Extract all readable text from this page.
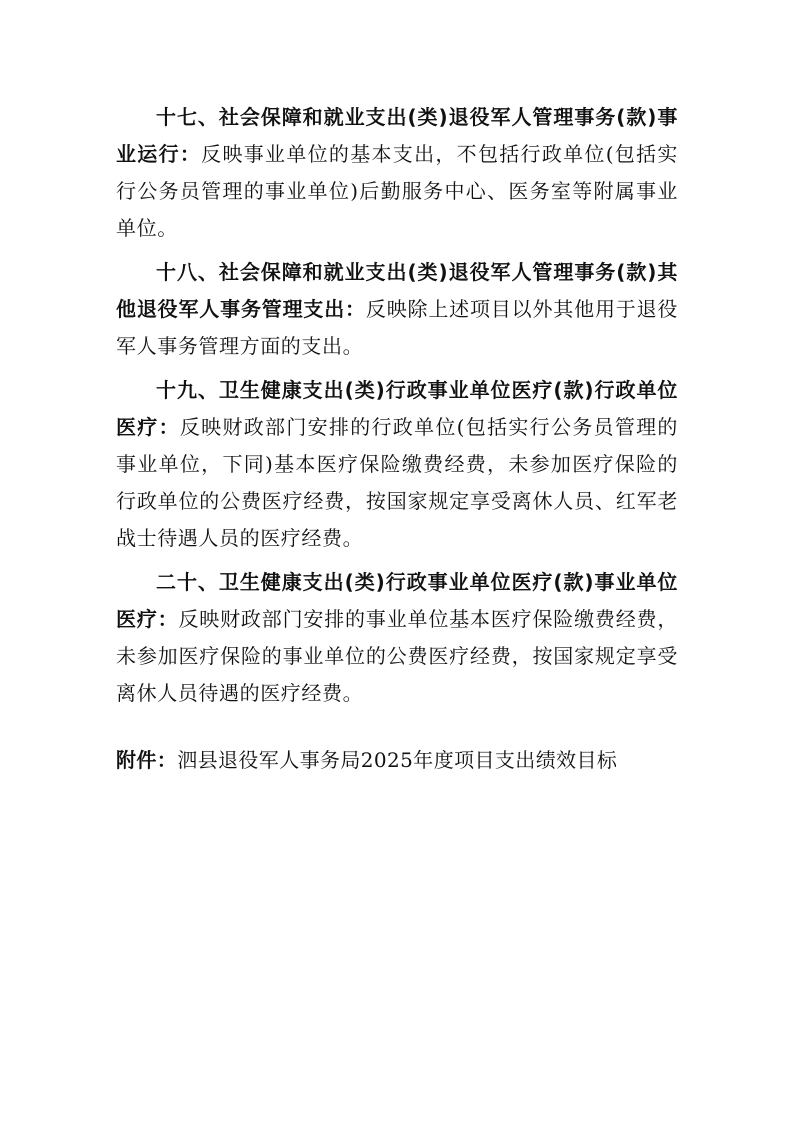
十七、社会保障和就业支出(类)退役军人管理事务(款)事业运行：反映事业单位的基本支出，不包括行政单位(包括实行公务员管理的事业单位)后勤服务中心、医务室等附属事业单位。

十八、社会保障和就业支出(类)退役军人管理事务(款)其他退役军人事务管理支出：反映除上述项目以外其他用于退役军人事务管理方面的支出。

十九、卫生健康支出(类)行政事业单位医疗(款)行政单位医疗：反映财政部门安排的行政单位(包括实行公务员管理的事业单位，下同)基本医疗保险缴费经费，未参加医疗保险的行政单位的公费医疗经费，按国家规定享受离休人员、红军老战士待遇人员的医疗经费。

二十、卫生健康支出(类)行政事业单位医疗(款)事业单位医疗：反映财政部门安排的事业单位基本医疗保险缴费经费，未参加医疗保险的事业单位的公费医疗经费，按国家规定享受离休人员待遇的医疗经费。

附件：泗县退役军人事务局2025年度项目支出绩效目标
